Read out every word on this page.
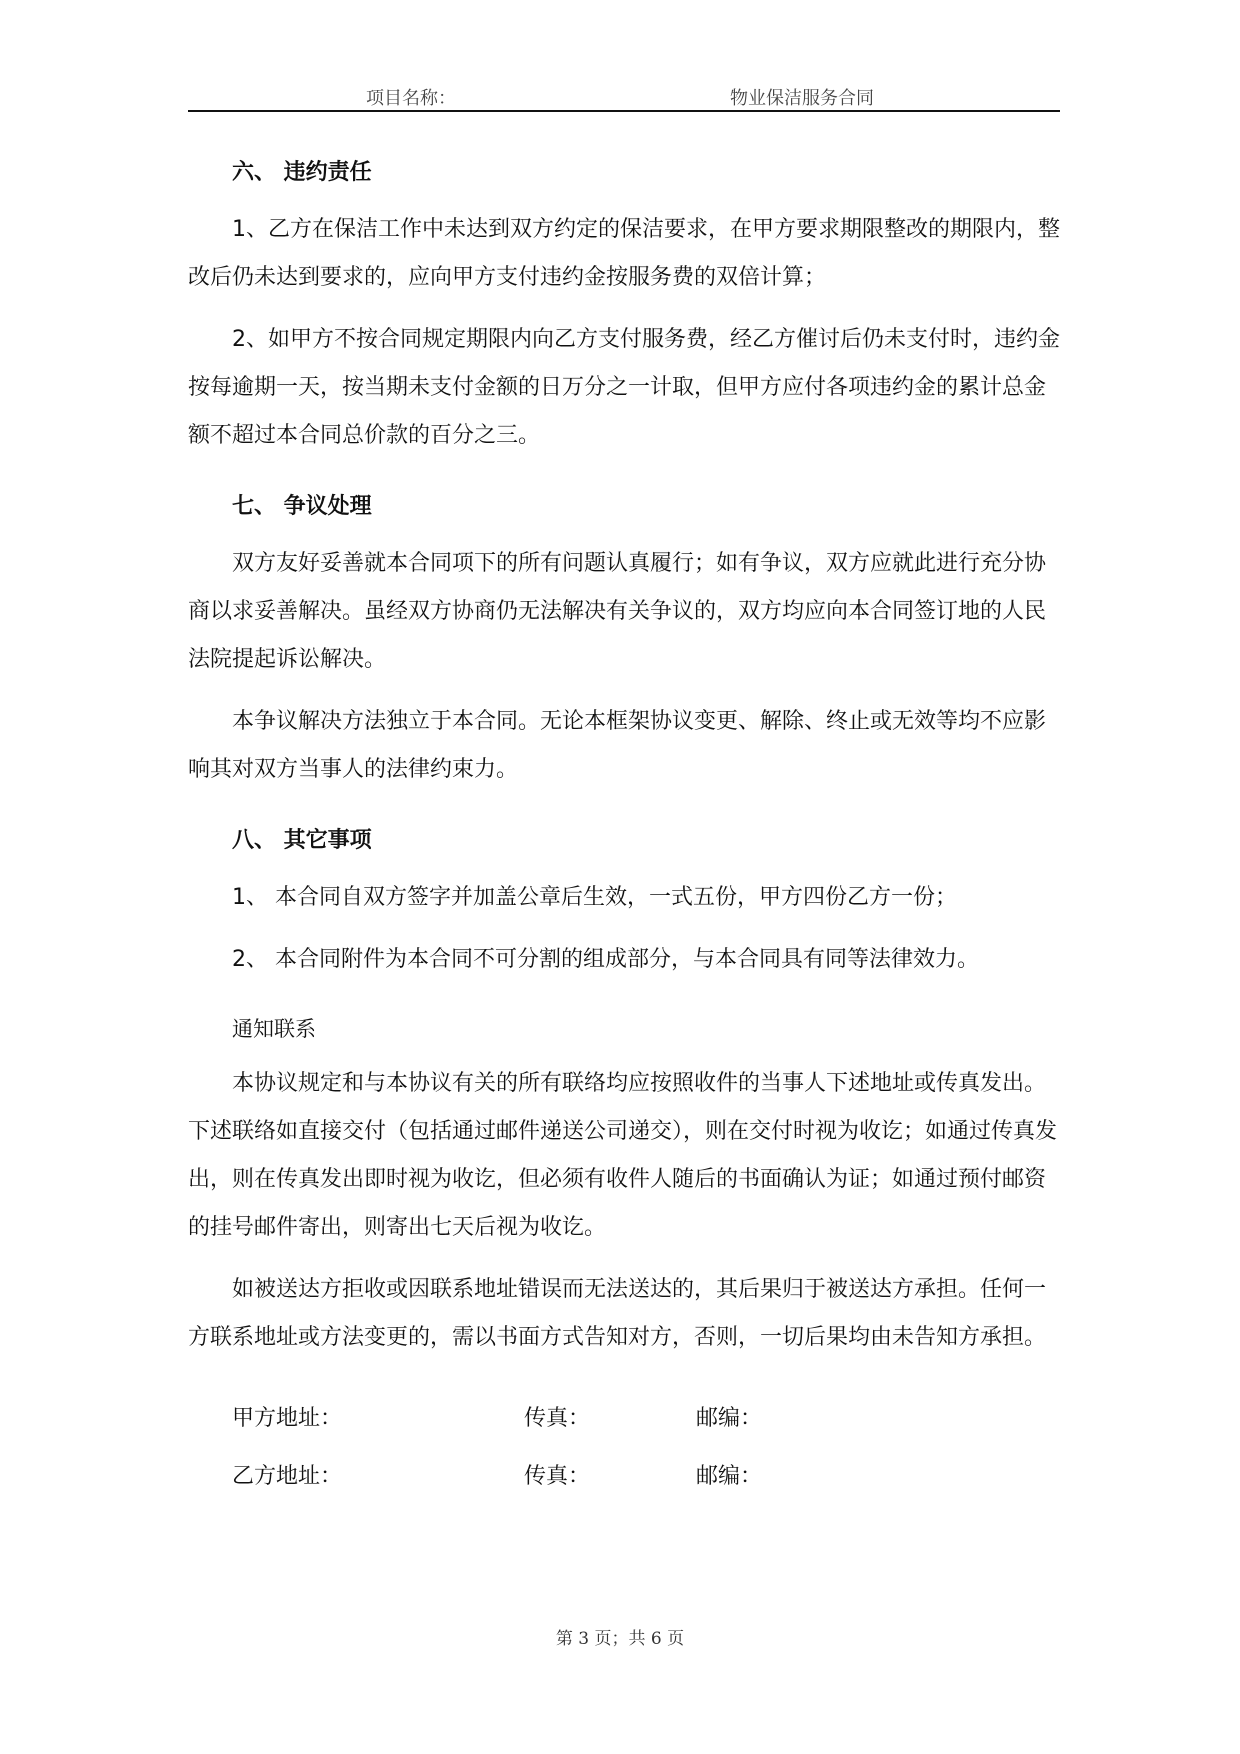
项目名称：	物业保洁服务合同
六、 违约责任

1、乙方在保洁工作中未达到双方约定的保洁要求，在甲方要求期限整改的期限内，整改后仍未达到要求的，应向甲方支付违约金按服务费的双倍计算；

2、如甲方不按合同规定期限内向乙方支付服务费，经乙方催讨后仍未支付时，违约金按每逾期一天，按当期未支付金额的日万分之一计取，但甲方应付各项违约金的累计总金额不超过本合同总价款的百分之三。

七、 争议处理

双方友好妥善就本合同项下的所有问题认真履行；如有争议，双方应就此进行充分协商以求妥善解决。虽经双方协商仍无法解决有关争议的，双方均应向本合同签订地的人民法院提起诉讼解决。

本争议解决方法独立于本合同。无论本框架协议变更、解除、终止或无效等均不应影响其对双方当事人的法律约束力。

八、 其它事项

1、 本合同自双方签字并加盖公章后生效，一式五份，甲方四份乙方一份；

2、 本合同附件为本合同不可分割的组成部分，与本合同具有同等法律效力。

通知联系

本协议规定和与本协议有关的所有联络均应按照收件的当事人下述地址或传真发出。下述联络如直接交付（包括通过邮件递送公司递交），则在交付时视为收讫；如通过传真发出，则在传真发出即时视为收讫，但必须有收件人随后的书面确认为证；如通过预付邮资的挂号邮件寄出，则寄出七天后视为收讫。

如被送达方拒收或因联系地址错误而无法送达的，其后果归于被送达方承担。任何一方联系地址或方法变更的，需以书面方式告知对方，否则，一切后果均由未告知方承担。

甲方地址：	传真：	邮编：
乙方地址：	传真：	邮编：
第 3 页；共 6 页
